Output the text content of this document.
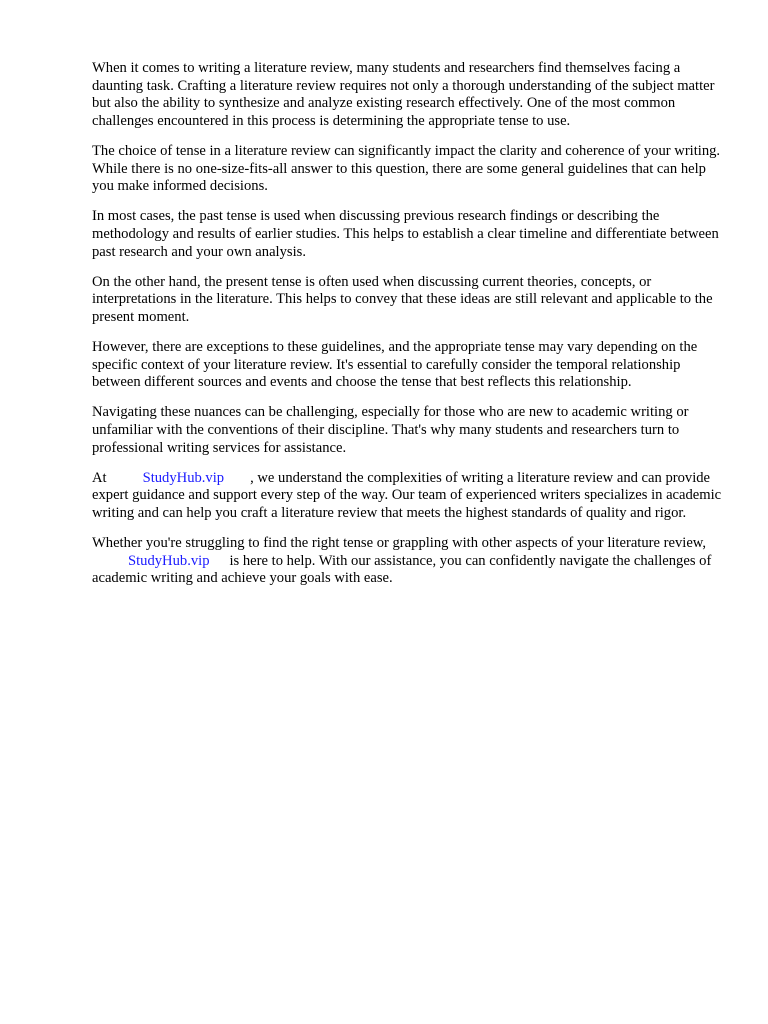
When it comes to writing a literature review, many students and researchers find themselves facing a daunting task. Crafting a literature review requires not only a thorough understanding of the subject matter but also the ability to synthesize and analyze existing research effectively. One of the most common challenges encountered in this process is determining the appropriate tense to use.

The choice of tense in a literature review can significantly impact the clarity and coherence of your writing. While there is no one-size-fits-all answer to this question, there are some general guidelines that can help you make informed decisions.

In most cases, the past tense is used when discussing previous research findings or describing the methodology and results of earlier studies. This helps to establish a clear timeline and differentiate between past research and your own analysis.

On the other hand, the present tense is often used when discussing current theories, concepts, or interpretations in the literature. This helps to convey that these ideas are still relevant and applicable to the present moment.

However, there are exceptions to these guidelines, and the appropriate tense may vary depending on the specific context of your literature review. It's essential to carefully consider the temporal relationship between different sources and events and choose the tense that best reflects this relationship.

Navigating these nuances can be challenging, especially for those who are new to academic writing or unfamiliar with the conventions of their discipline. That's why many students and researchers turn to professional writing services for assistance.

At StudyHub.vip , we understand the complexities of writing a literature review and can provide expert guidance and support every step of the way. Our team of experienced writers specializes in academic writing and can help you craft a literature review that meets the highest standards of quality and rigor.

Whether you're struggling to find the right tense or grappling with other aspects of your literature review,StudyHub.vip is here to help. With our assistance, you can confidently navigate the challenges of academic writing and achieve your goals with ease.
